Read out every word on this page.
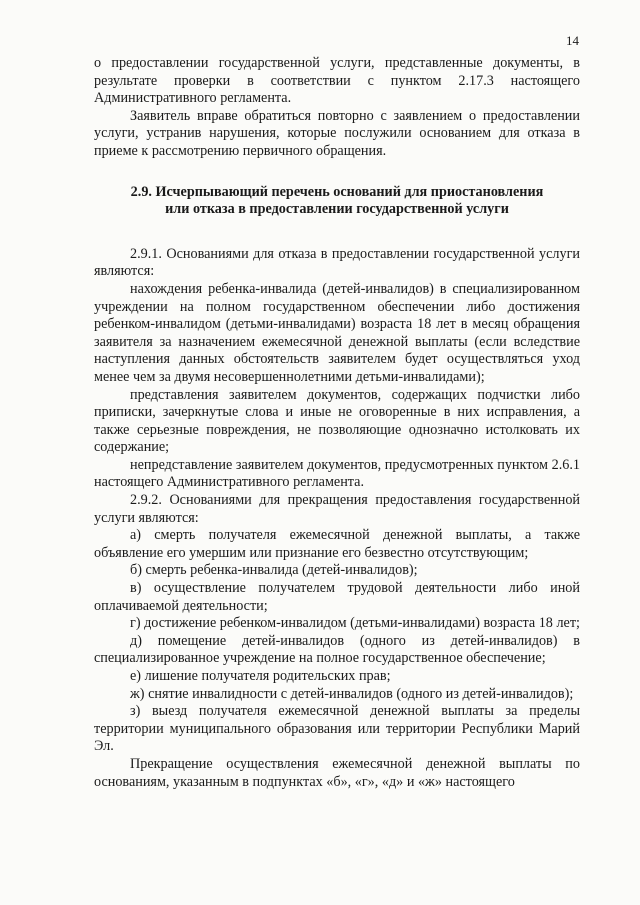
14

о предоставлении государственной услуги, представленные документы, в результате проверки в соответствии с пунктом 2.17.3 настоящего Административного регламента.

Заявитель вправе обратиться повторно с заявлением о предоставлении услуги, устранив нарушения, которые послужили основанием для отказа в приеме к рассмотрению первичного обращения.

2.9. Исчерпывающий перечень оснований для приостановления
или отказа в предоставлении государственной услуги

2.9.1. Основаниями для отказа в предоставлении государственной услуги являются:

нахождения ребенка-инвалида (детей-инвалидов) в специализированном учреждении на полном государственном обеспечении либо достижения ребенком-инвалидом (детьми-инвалидами) возраста 18 лет в месяц обращения заявителя за назначением ежемесячной денежной выплаты (если вследствие наступления данных обстоятельств заявителем будет осуществляться уход менее чем за двумя несовершеннолетними детьми-инвалидами);

представления заявителем документов, содержащих подчистки либо приписки, зачеркнутые слова и иные не оговоренные в них исправления, а также серьезные повреждения, не позволяющие однозначно истолковать их содержание;

непредставление заявителем документов, предусмотренных пунктом 2.6.1 настоящего Административного регламента.

2.9.2. Основаниями для прекращения предоставления государственной услуги являются:

а) смерть получателя ежемесячной денежной выплаты, а также объявление его умершим или признание его безвестно отсутствующим;

б) смерть ребенка-инвалида (детей-инвалидов);

в) осуществление получателем трудовой деятельности либо иной оплачиваемой деятельности;

г) достижение ребенком-инвалидом (детьми-инвалидами) возраста 18 лет;

д) помещение детей-инвалидов (одного из детей-инвалидов) в специализированное учреждение на полное государственное обеспечение;

е) лишение получателя родительских прав;

ж) снятие инвалидности с детей-инвалидов (одного из детей-инвалидов);

з) выезд получателя ежемесячной денежной выплаты за пределы территории муниципального образования или территории Республики Марий Эл.

Прекращение осуществления ежемесячной денежной выплаты по основаниям, указанным в подпунктах «б», «г», «д» и «ж» настоящего
